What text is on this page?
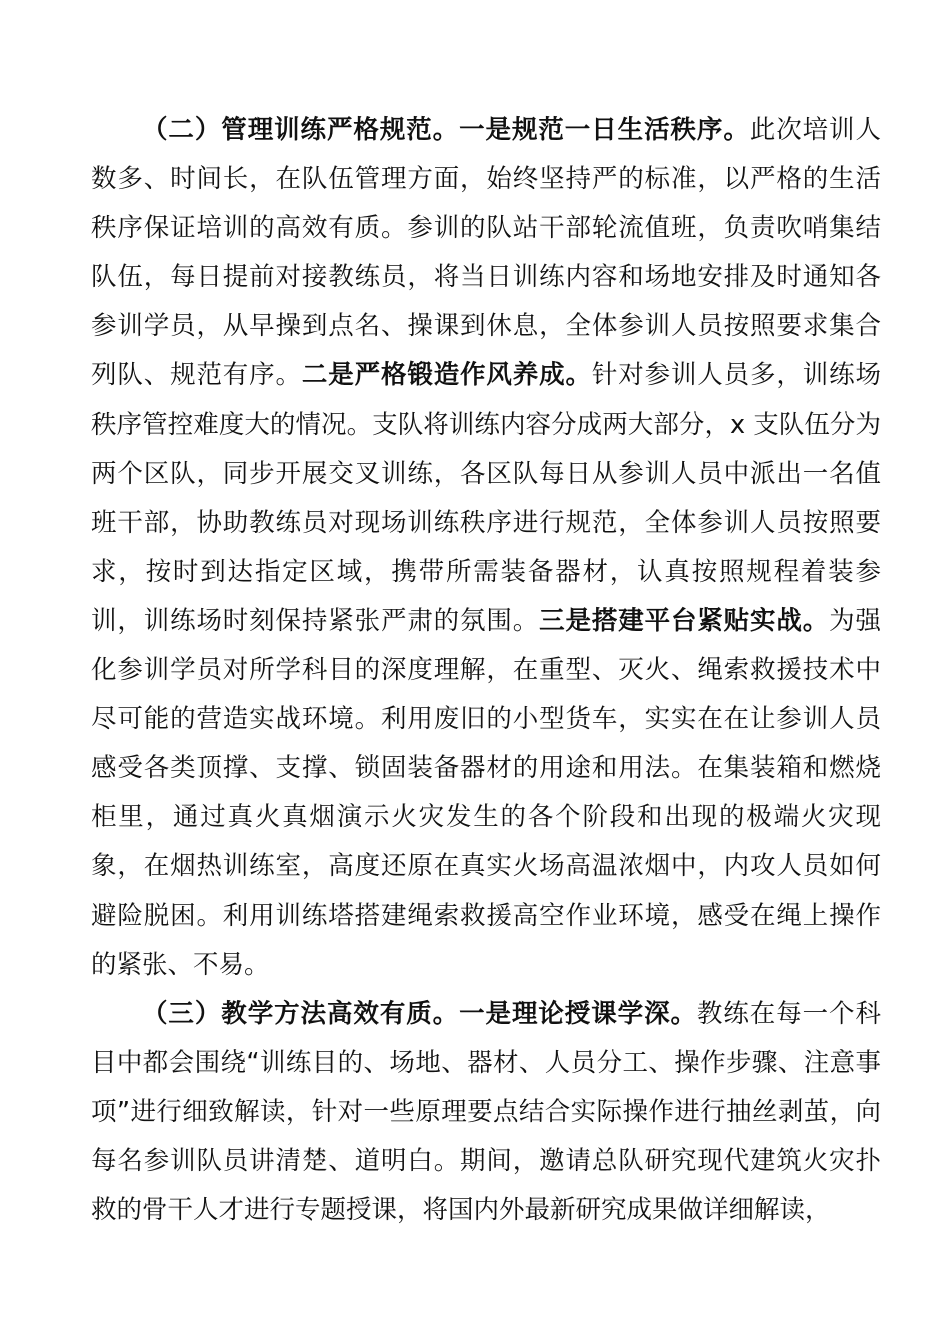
（二）管理训练严格规范。一是规范一日生活秩序。此次培训人数多、时间长，在队伍管理方面，始终坚持严的标准，以严格的生活秩序保证培训的高效有质。参训的队站干部轮流值班，负责吹哨集结队伍，每日提前对接教练员，将当日训练内容和场地安排及时通知各参训学员，从早操到点名、操课到休息，全体参训人员按照要求集合列队、规范有序。二是严格锻造作风养成。针对参训人员多，训练场秩序管控难度大的情况。支队将训练内容分成两大部分，x 支队伍分为两个区队，同步开展交叉训练，各区队每日从参训人员中派出一名值班干部，协助教练员对现场训练秩序进行规范，全体参训人员按照要求，按时到达指定区域，携带所需装备器材，认真按照规程着装参训，训练场时刻保持紧张严肃的氛围。三是搭建平台紧贴实战。为强化参训学员对所学科目的深度理解，在重型、灭火、绳索救援技术中尽可能的营造实战环境。利用废旧的小型货车，实实在在让参训人员感受各类顶撑、支撑、锁固装备器材的用途和用法。在集装箱和燃烧柜里，通过真火真烟演示火灾发生的各个阶段和出现的极端火灾现象，在烟热训练室，高度还原在真实火场高温浓烟中，内攻人员如何避险脱困。利用训练塔搭建绳索救援高空作业环境，感受在绳上操作的紧张、不易。

（三）教学方法高效有质。一是理论授课学深。教练在每一个科目中都会围绕“训练目的、场地、器材、人员分工、操作步骤、注意事项”进行细致解读，针对一些原理要点结合实际操作进行抽丝剥茧，向每名参训队员讲清楚、道明白。期间，邀请总队研究现代建筑火灾扑救的骨干人才进行专题授课，将国内外最新研究成果做详细解读，
